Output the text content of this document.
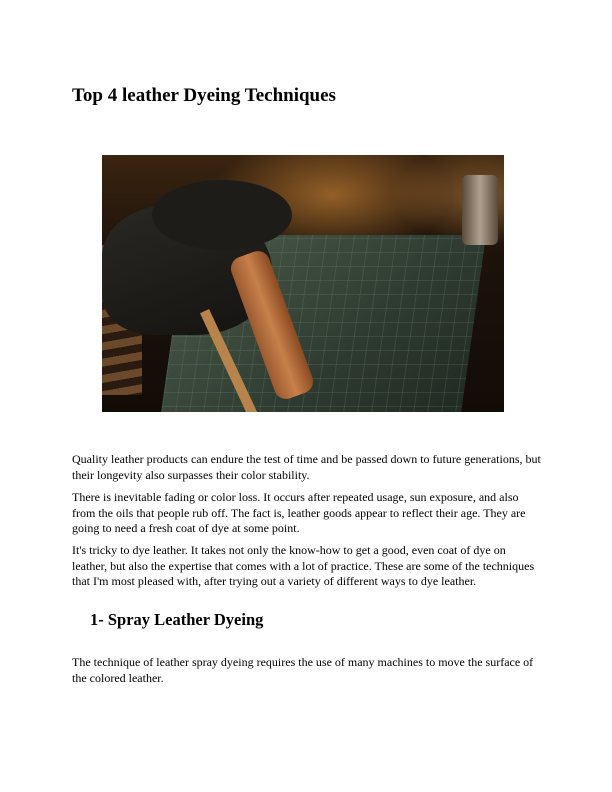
Top 4 leather Dyeing Techniques

Quality leather products can endure the test of time and be passed down to future generations, but their longevity also surpasses their color stability.

There is inevitable fading or color loss. It occurs after repeated usage, sun exposure, and also from the oils that people rub off. The fact is, leather goods appear to reflect their age. They are going to need a fresh coat of dye at some point.

It's tricky to dye leather. It takes not only the know-how to get a good, even coat of dye on leather, but also the expertise that comes with a lot of practice. These are some of the techniques that I'm most pleased with, after trying out a variety of different ways to dye leather.

1- Spray Leather Dyeing

The technique of leather spray dyeing requires the use of many machines to move the surface of the colored leather.
